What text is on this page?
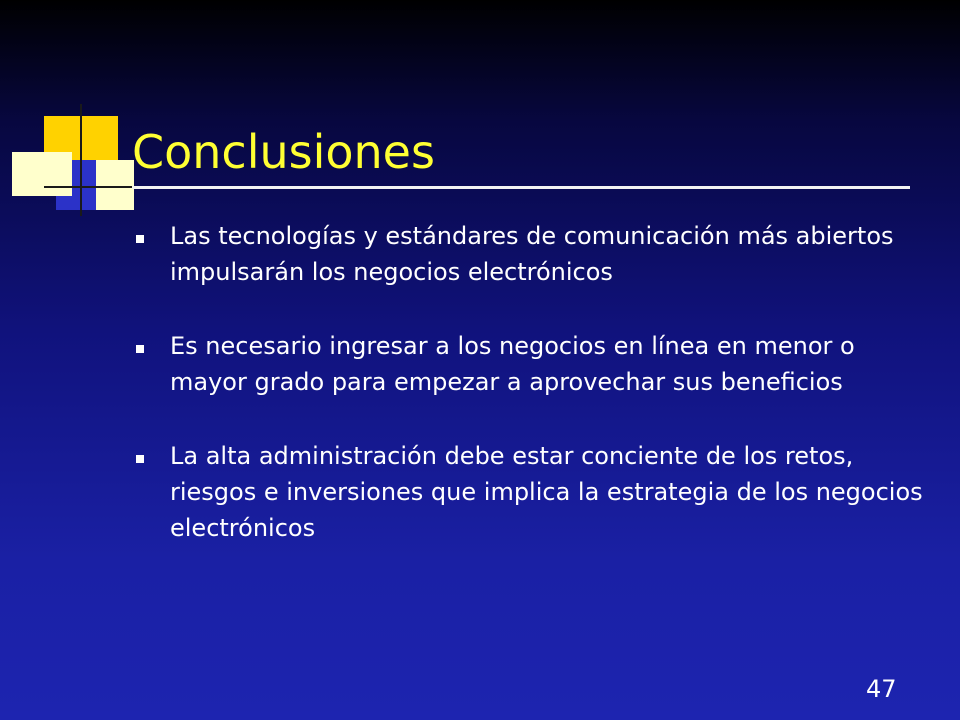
Conclusiones
Las tecnologías y estándares de comunicación más abiertos impulsarán los negocios electrónicos
Es necesario ingresar a los negocios en línea en menor o mayor grado para empezar a aprovechar sus beneficios
La alta administración debe estar conciente de los retos, riesgos e inversiones que implica la estrategia de los negocios electrónicos
47
